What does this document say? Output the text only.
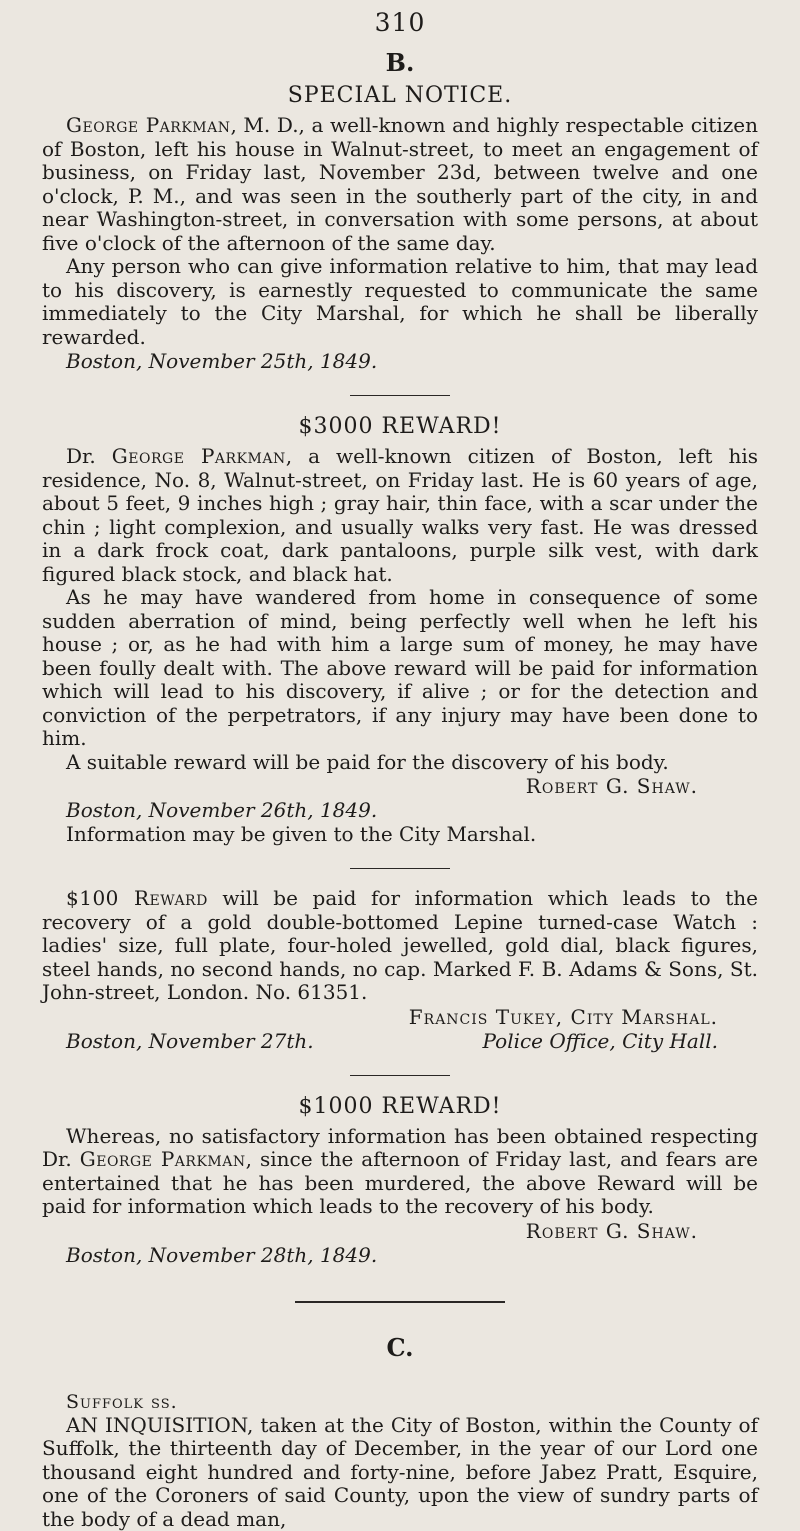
310
B.
SPECIAL NOTICE.

George Parkman, M. D., a well-known and highly respectable citizen of Boston, left his house in Walnut-street, to meet an engagement of business, on Friday last, November 23d, between twelve and one o'clock, P. M., and was seen in the southerly part of the city, in and near Washington-street, in conversation with some persons, at about five o'clock of the afternoon of the same day.

Any person who can give information relative to him, that may lead to his discovery, is earnestly requested to communicate the same immediately to the City Marshal, for which he shall be liberally rewarded.

Boston, November 25th, 1849.
$3000 REWARD!

Dr. George Parkman, a well-known citizen of Boston, left his residence, No. 8, Walnut-street, on Friday last. He is 60 years of age, about 5 feet, 9 inches high ; gray hair, thin face, with a scar under the chin ; light complexion, and usually walks very fast. He was dressed in a dark frock coat, dark pantaloons, purple silk vest, with dark figured black stock, and black hat.

As he may have wandered from home in consequence of some sudden aberration of mind, being perfectly well when he left his house ; or, as he had with him a large sum of money, he may have been foully dealt with. The above reward will be paid for information which will lead to his discovery, if alive ; or for the detection and conviction of the perpetrators, if any injury may have been done to him.

A suitable reward will be paid for the discovery of his body.

Robert G. Shaw.
Boston, November 26th, 1849.
Information may be given to the City Marshal.

$100 Reward will be paid for information which leads to the recovery of a gold double-bottomed Lepine turned-case Watch : ladies' size, full plate, four-holed jewelled, gold dial, black figures, steel hands, no second hands, no cap. Marked F. B. Adams & Sons, St. John-street, London. No. 61351.

Francis Tukey, City Marshal.
Boston, November 27th.	Police Office, City Hall.
$1000 REWARD!

Whereas, no satisfactory information has been obtained respecting Dr. George Parkman, since the afternoon of Friday last, and fears are entertained that he has been murdered, the above Reward will be paid for information which leads to the recovery of his body.

Robert G. Shaw.
Boston, November 28th, 1849.
C.
Suffolk ss.

AN INQUISITION, taken at the City of Boston, within the County of Suffolk, the thirteenth day of December, in the year of our Lord one thousand eight hundred and forty-nine, before Jabez Pratt, Esquire, one of the Coroners of said County, upon the view of sundry parts of the body of a dead man,
